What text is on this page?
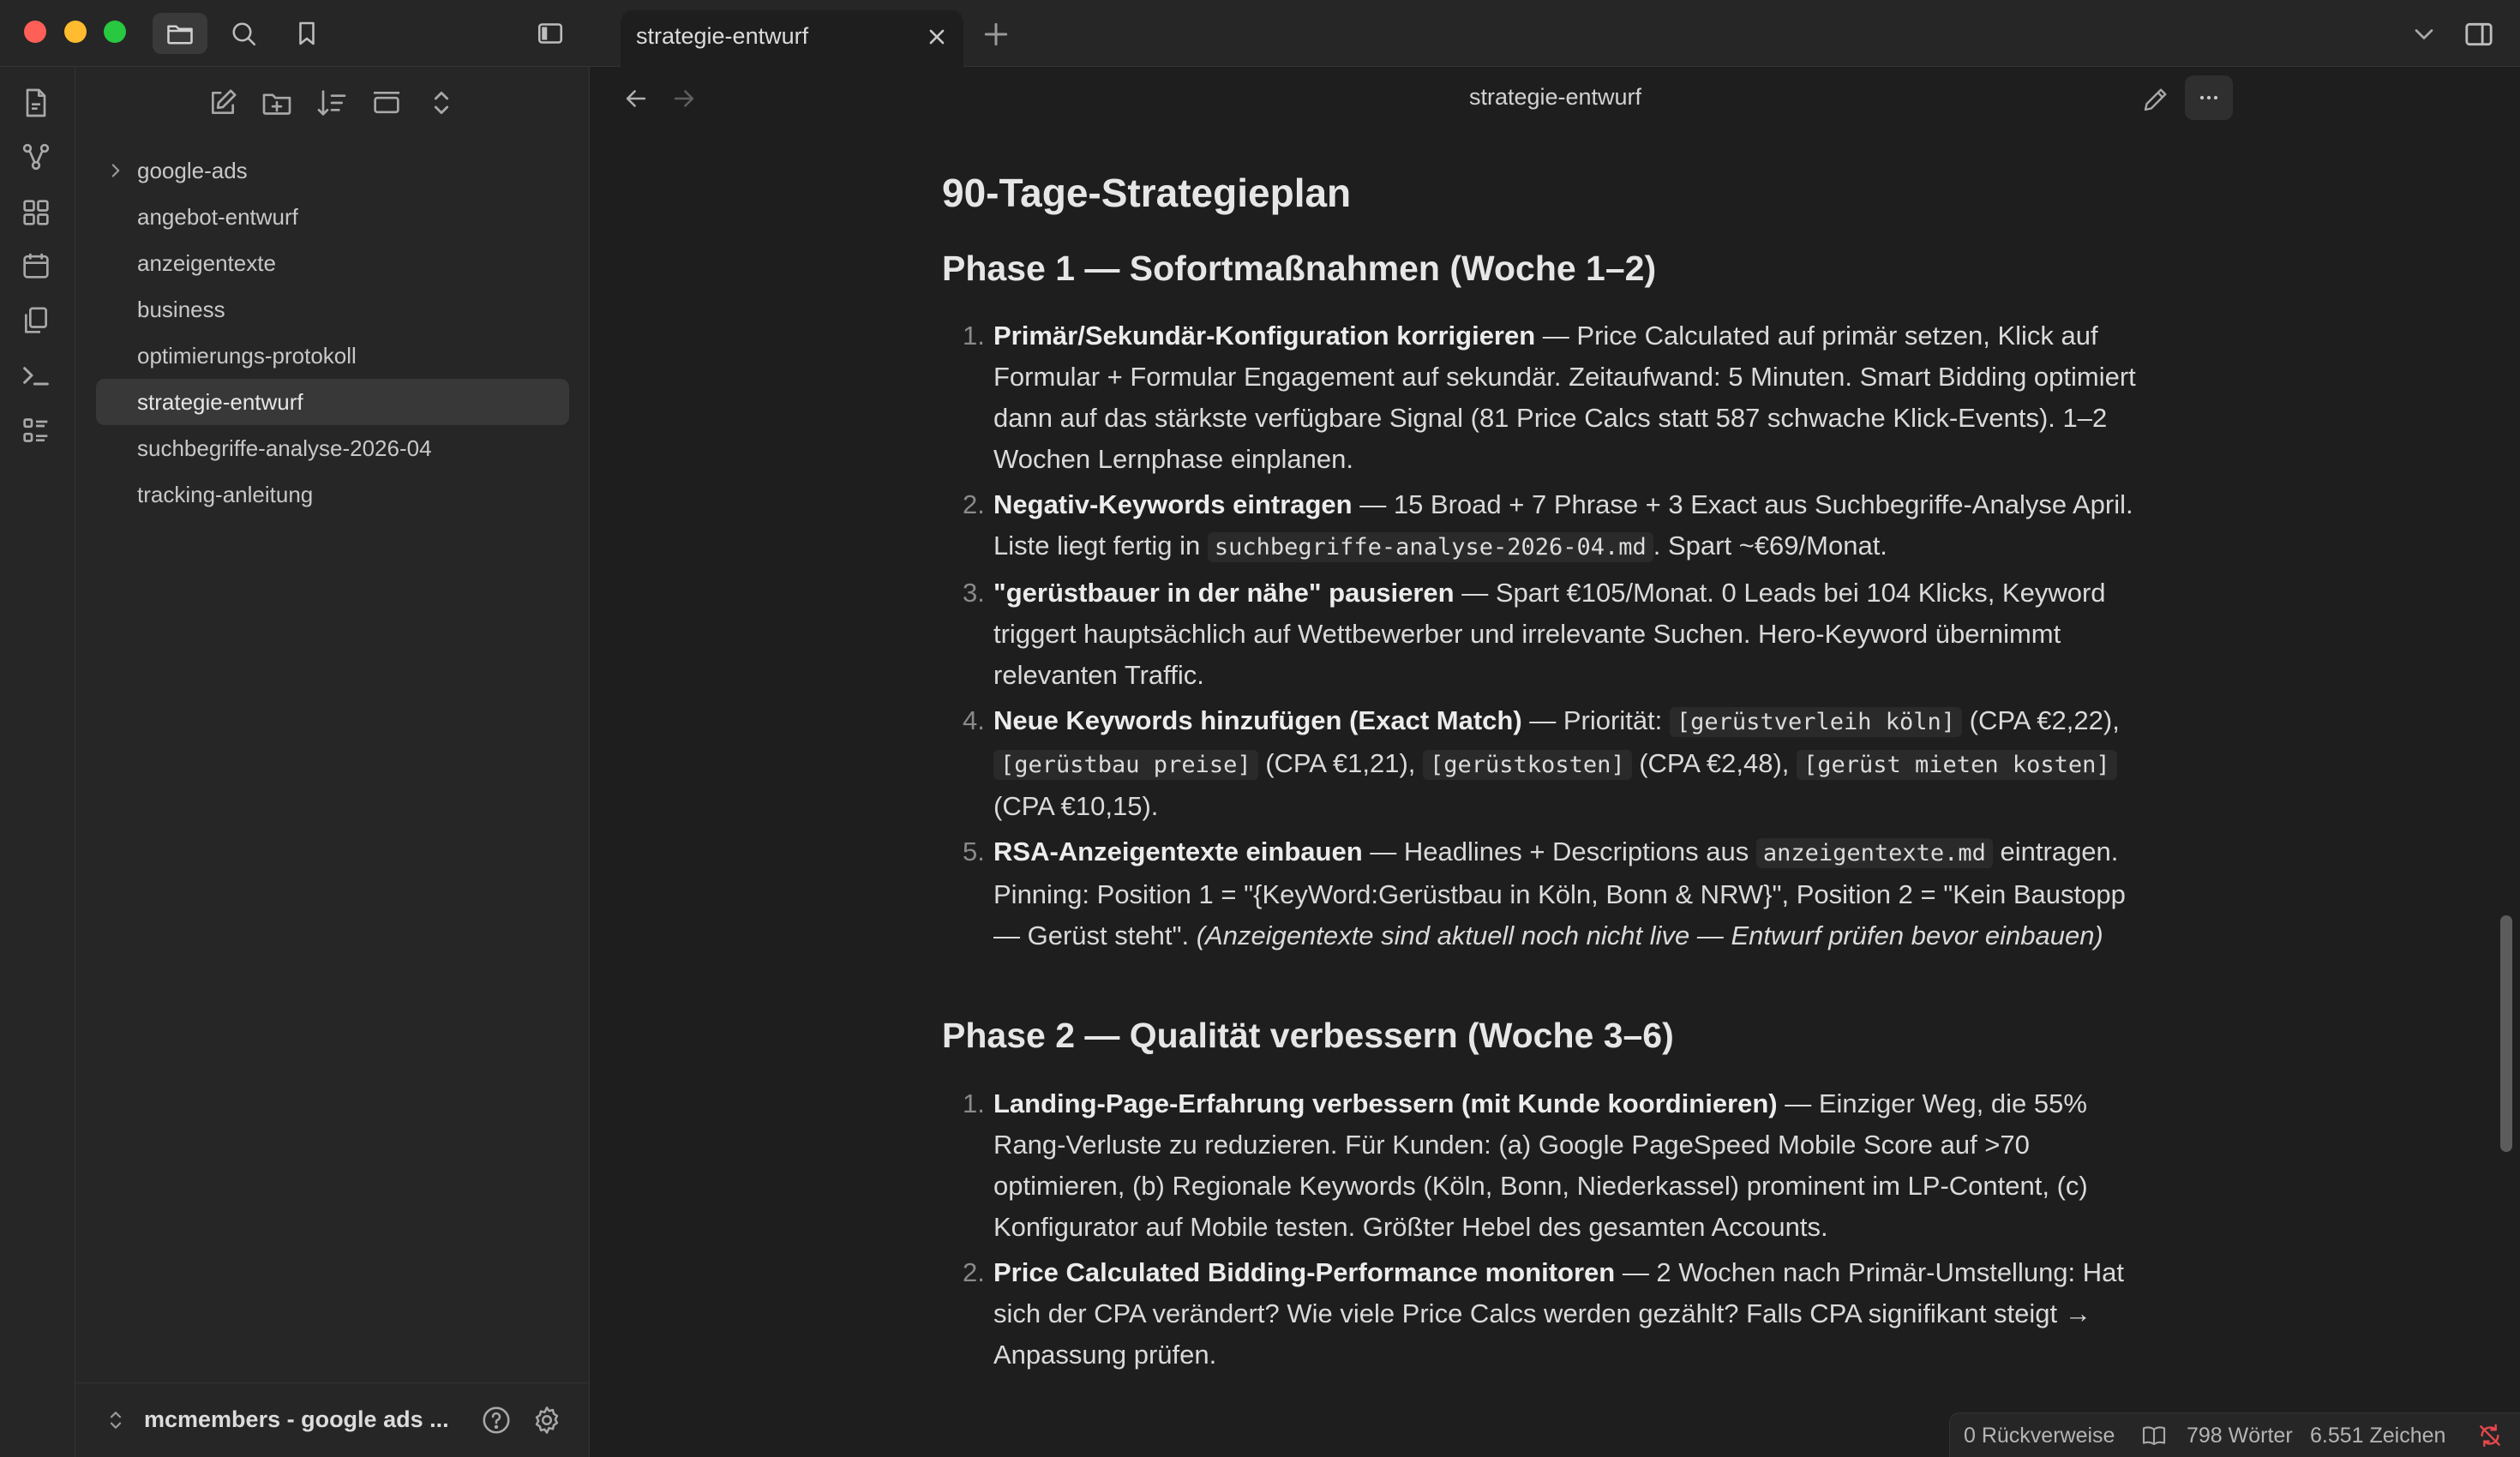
strategie-entwurf
google-ads
angebot-entwurf
anzeigentexte
business
optimierungs-protokoll
strategie-entwurf
suchbegriffe-analyse-2026-04
tracking-anleitung
mcmembers - google ads ...
strategie-entwurf
90-Tage-Strategieplan
Phase 1 — Sofortmaßnahmen (Woche 1–2)
1. Primär/Sekundär-Konfiguration korrigieren — Price Calculated auf primär setzen, Klick auf Formular + Formular Engagement auf sekundär. Zeitaufwand: 5 Minuten. Smart Bidding optimiert dann auf das stärkste verfügbare Signal (81 Price Calcs statt 587 schwache Klick-Events). 1–2 Wochen Lernphase einplanen.
2. Negativ-Keywords eintragen — 15 Broad + 7 Phrase + 3 Exact aus Suchbegriffe-Analyse April. Liste liegt fertig in suchbegriffe-analyse-2026-04.md . Spart ~€69/Monat.
3. "gerüstbauer in der nähe" pausieren — Spart €105/Monat. 0 Leads bei 104 Klicks, Keyword triggert hauptsächlich auf Wettbewerber und irrelevante Suchen. Hero-Keyword übernimmt relevanten Traffic.
4. Neue Keywords hinzufügen (Exact Match) — Priorität: [gerüstverleih köln] (CPA €2,22), [gerüstbau preise] (CPA €1,21), [gerüstkosten] (CPA €2,48), [gerüst mieten kosten] (CPA €10,15).
5. RSA-Anzeigentexte einbauen — Headlines + Descriptions aus anzeigentexte.md eintragen. Pinning: Position 1 = "{KeyWord:Gerüstbau in Köln, Bonn & NRW}", Position 2 = "Kein Baustopp — Gerüst steht". (Anzeigentexte sind aktuell noch nicht live — Entwurf prüfen bevor einbauen)
Phase 2 — Qualität verbessern (Woche 3–6)
1. Landing-Page-Erfahrung verbessern (mit Kunde koordinieren) — Einziger Weg, die 55% Rang-Verluste zu reduzieren. Für Kunden: (a) Google PageSpeed Mobile Score auf >70 optimieren, (b) Regionale Keywords (Köln, Bonn, Niederkassel) prominent im LP-Content, (c) Konfigurator auf Mobile testen. Größter Hebel des gesamten Accounts.
2. Price Calculated Bidding-Performance monitoren — 2 Wochen nach Primär-Umstellung: Hat sich der CPA verändert? Wie viele Price Calcs werden gezählt? Falls CPA signifikant steigt → Anpassung prüfen.
0 Rückverweise	798 Wörter 6.551 Zeichen
